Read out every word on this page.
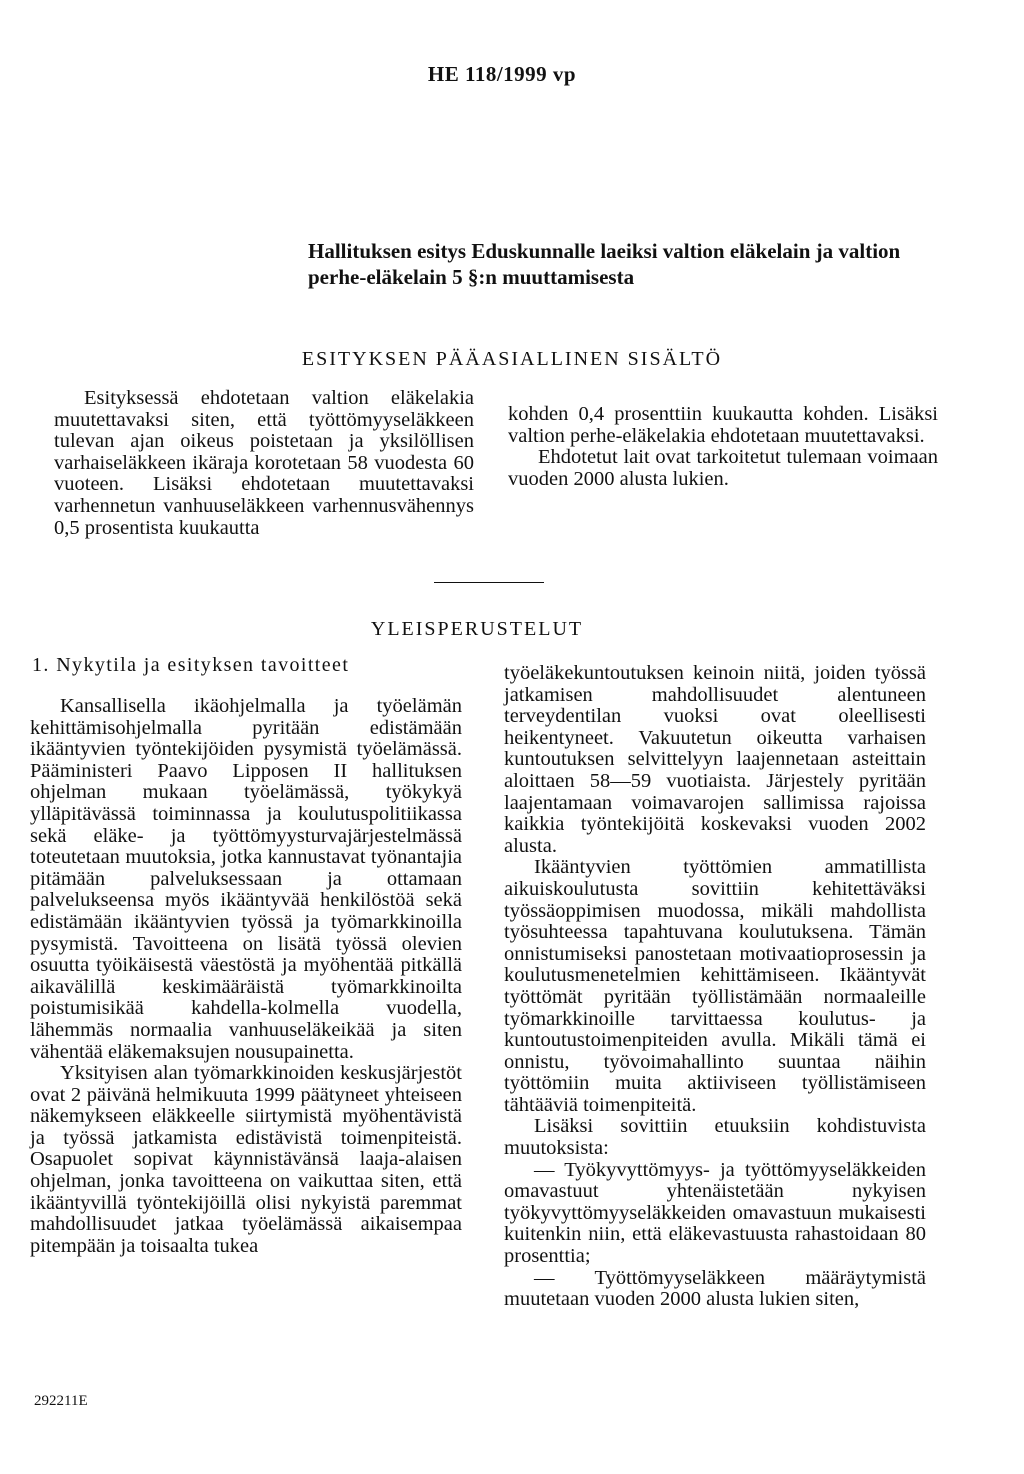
HE 118/1999 vp
Hallituksen esitys Eduskunnalle laeiksi valtion eläkelain ja valtion perhe-eläkelain 5 §:n muuttamisesta
ESITYKSEN PÄÄASIALLINEN SISÄLTÖ

Esityksessä ehdotetaan valtion eläkelakia muutettavaksi siten, että työttömyyseläkkeen tulevan ajan oikeus poistetaan ja yksilöllisen varhaiseläkkeen ikäraja korotetaan 58 vuodesta 60 vuoteen. Lisäksi ehdotetaan muutettavaksi varhennetun vanhuuseläkkeen varhennusvähennys 0,5 prosentista kuukautta

kohden 0,4 prosenttiin kuukautta kohden. Lisäksi valtion perhe-eläkelakia ehdotetaan muutettavaksi.

Ehdotetut lait ovat tarkoitetut tulemaan voimaan vuoden 2000 alusta lukien.

YLEISPERUSTELUT
1. Nykytila ja esityksen tavoitteet

Kansallisella ikäohjelmalla ja työelämän kehittämisohjelmalla pyritään edistämään ikääntyvien työntekijöiden pysymistä työelämässä. Pääministeri Paavo Lipposen II hallituksen ohjelman mukaan työelämässä, työkykyä ylläpitävässä toiminnassa ja koulutuspolitiikassa sekä eläke- ja työttömyysturvajärjestelmässä toteutetaan muutoksia, jotka kannustavat työnantajia pitämään palveluksessaan ja ottamaan palvelukseensa myös ikääntyvää henkilöstöä sekä edistämään ikääntyvien työssä ja työmarkkinoilla pysymistä. Tavoitteena on lisätä työssä olevien osuutta työikäisestä väestöstä ja myöhentää pitkällä aikavälillä keskimääräistä työmarkkinoilta poistumisikää kahdella-kolmella vuodella, lähemmäs normaalia vanhuuseläkeikää ja siten vähentää eläkemaksujen nousupainetta.

Yksityisen alan työmarkkinoiden keskusjärjestöt ovat 2 päivänä helmikuuta 1999 päätyneet yhteiseen näkemykseen eläkkeelle siirtymistä myöhentävistä ja työssä jatkamista edistävistä toimenpiteistä. Osapuolet sopivat käynnistävänsä laaja-alaisen ohjelman, jonka tavoitteena on vaikuttaa siten, että ikääntyvillä työntekijöillä olisi nykyistä paremmat mahdollisuudet jatkaa työelämässä aikaisempaa pitempään ja toisaalta tukea

työeläkekuntoutuksen keinoin niitä, joiden työssä jatkamisen mahdollisuudet alentuneen terveydentilan vuoksi ovat oleellisesti heikentyneet. Vakuutetun oikeutta varhaisen kuntoutuksen selvittelyyn laajennetaan asteittain aloittaen 58—59 vuotiaista. Järjestely pyritään laajentamaan voimavarojen sallimissa rajoissa kaikkia työntekijöitä koskevaksi vuoden 2002 alusta.

Ikääntyvien työttömien ammatillista aikuiskoulutusta sovittiin kehitettäväksi työssäoppimisen muodossa, mikäli mahdollista työsuhteessa tapahtuvana koulutuksena. Tämän onnistumiseksi panostetaan motivaatioprosessin ja koulutusmenetelmien kehittämiseen. Ikääntyvät työttömät pyritään työllistämään normaaleille työmarkkinoille tarvittaessa koulutus- ja kuntoutustoimenpiteiden avulla. Mikäli tämä ei onnistu, työvoimahallinto suuntaa näihin työttömiin muita aktiiviseen työllistämiseen tähtääviä toimenpiteitä.

Lisäksi sovittiin etuuksiin kohdistuvista muutoksista:

— Työkyvyttömyys- ja työttömyyseläkkeiden omavastuut yhtenäistetään nykyisen työkyvyttömyyseläkkeiden omavastuun mukaisesti kuitenkin niin, että eläkevastuusta rahastoidaan 80 prosenttia;

— Työttömyyseläkkeen määräytymistä muutetaan vuoden 2000 alusta lukien siten,

292211E
